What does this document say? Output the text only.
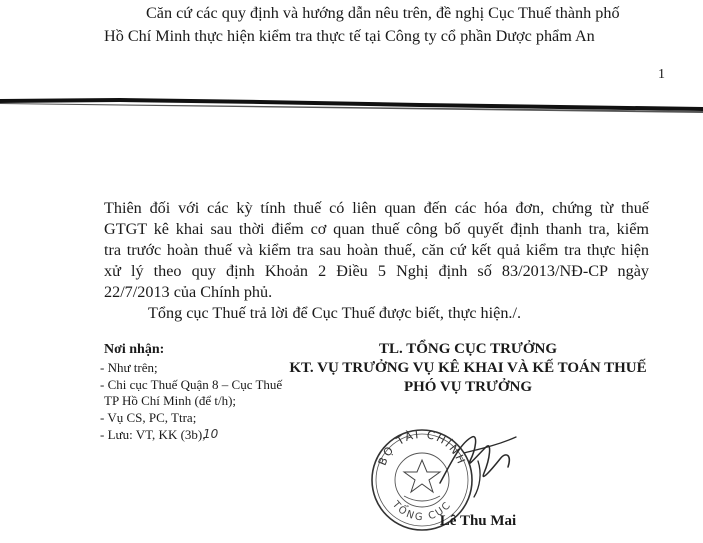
Căn cứ các quy định và hướng dẫn nêu trên, đề nghị Cục Thuế thành phố
Hồ Chí Minh thực hiện kiểm tra thực tế tại Công ty cổ phần Dược phẩm An
1
Thiên đối với các kỳ tính thuế có liên quan đến các hóa đơn, chứng từ thuế
GTGT kê khai sau thời điểm cơ quan thuế công bố quyết định thanh tra, kiểm
tra trước hoàn thuế và kiểm tra sau hoàn thuế, căn cứ kết quả kiểm tra thực hiện
xử lý theo quy định Khoản 2 Điều 5 Nghị định số 83/2013/NĐ-CP ngày
22/7/2013 của Chính phủ.
Tổng cục Thuế trả lời để Cục Thuế được biết, thực hiện./.
Nơi nhận:
- Như trên;
- Chi cục Thuế Quận 8 – Cục Thuế
TP Hồ Chí Minh (để t/h);
- Vụ CS, PC, Ttra;
- Lưu: VT, KK (3b),
10
TL. TỔNG CỤC TRƯỞNG
KT. VỤ TRƯỞNG VỤ KÊ KHAI VÀ KẾ TOÁN THUẾ
PHÓ VỤ TRƯỞNG
BỘ TÀI CHÍNH
TỔNG CỤC
Lê Thu Mai
